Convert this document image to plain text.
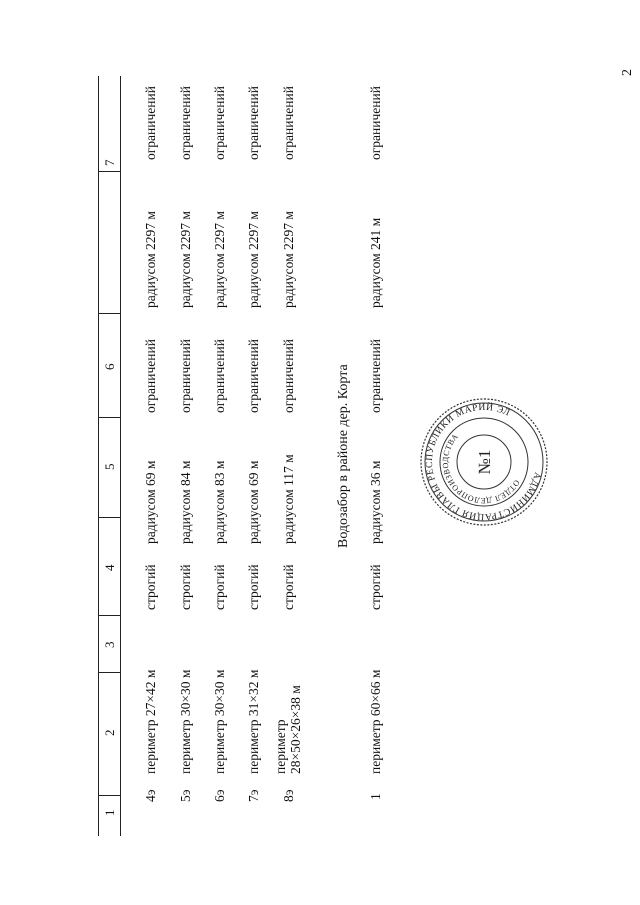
2
1
2
3
4
5
6
7
4э
периметр 27×42 м
строгий
радиусом 69 м
ограничений
радиусом 2297 м
ограничений
5э
периметр 30×30 м
строгий
радиусом 84 м
ограничений
радиусом 2297 м
ограничений
6э
периметр 30×30 м
строгий
радиусом 83 м
ограничений
радиусом 2297 м
ограничений
7э
периметр 31×32 м
строгий
радиусом 69 м
ограничений
радиусом 2297 м
ограничений
8э
периметр 28×50×26×38 м
строгий
радиусом 117 м
ограничений
радиусом 2297 м
ограничений
Водозабор в районе дер. Корта
1
периметр 60×66 м
строгий
радиусом 36 м
ограничений
радиусом 241 м
ограничений
АДМИНИСТРАЦИЯ ГЛАВЫ РЕСПУБЛИКИ МАРИЙ ЭЛ
ОТДЕЛ ДЕЛОПРОИЗВОДСТВА
№1
